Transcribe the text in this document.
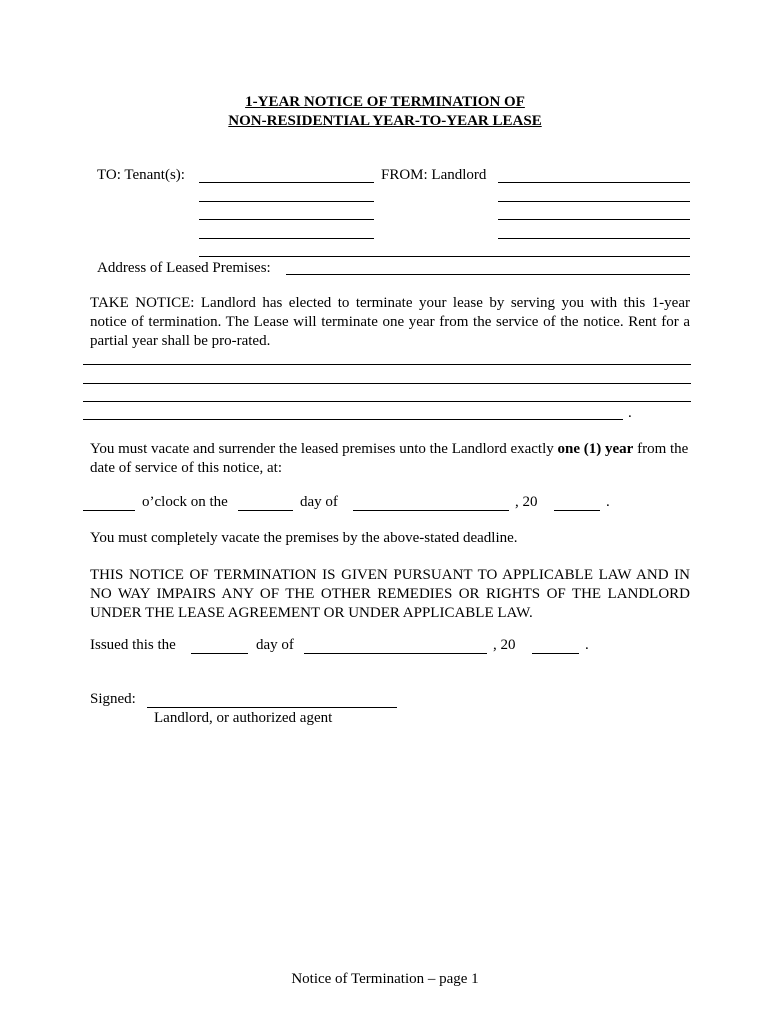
1-YEAR NOTICE OF TERMINATION OF
NON-RESIDENTIAL YEAR-TO-YEAR LEASE
TO: Tenant(s):	FROM: Landlord
Address of Leased Premises:
TAKE NOTICE: Landlord has elected to terminate your lease by serving you with this 1-year notice of termination. The Lease will terminate one year from the service of the notice. Rent for a partial year shall be pro-rated.
.
You must vacate and surrender the leased premises unto the Landlord exactly one (1) year from the date of service of this notice, at:
o’clock on the	day of	, 20	.
You must completely vacate the premises by the above-stated deadline.
THIS NOTICE OF TERMINATION IS GIVEN PURSUANT TO APPLICABLE LAW AND IN NO WAY IMPAIRS ANY OF THE OTHER REMEDIES OR RIGHTS OF THE LANDLORD UNDER THE LEASE AGREEMENT OR UNDER APPLICABLE LAW.
Issued this the	day of	, 20	.
Signed:
Landlord, or authorized agent
Notice of Termination – page 1
